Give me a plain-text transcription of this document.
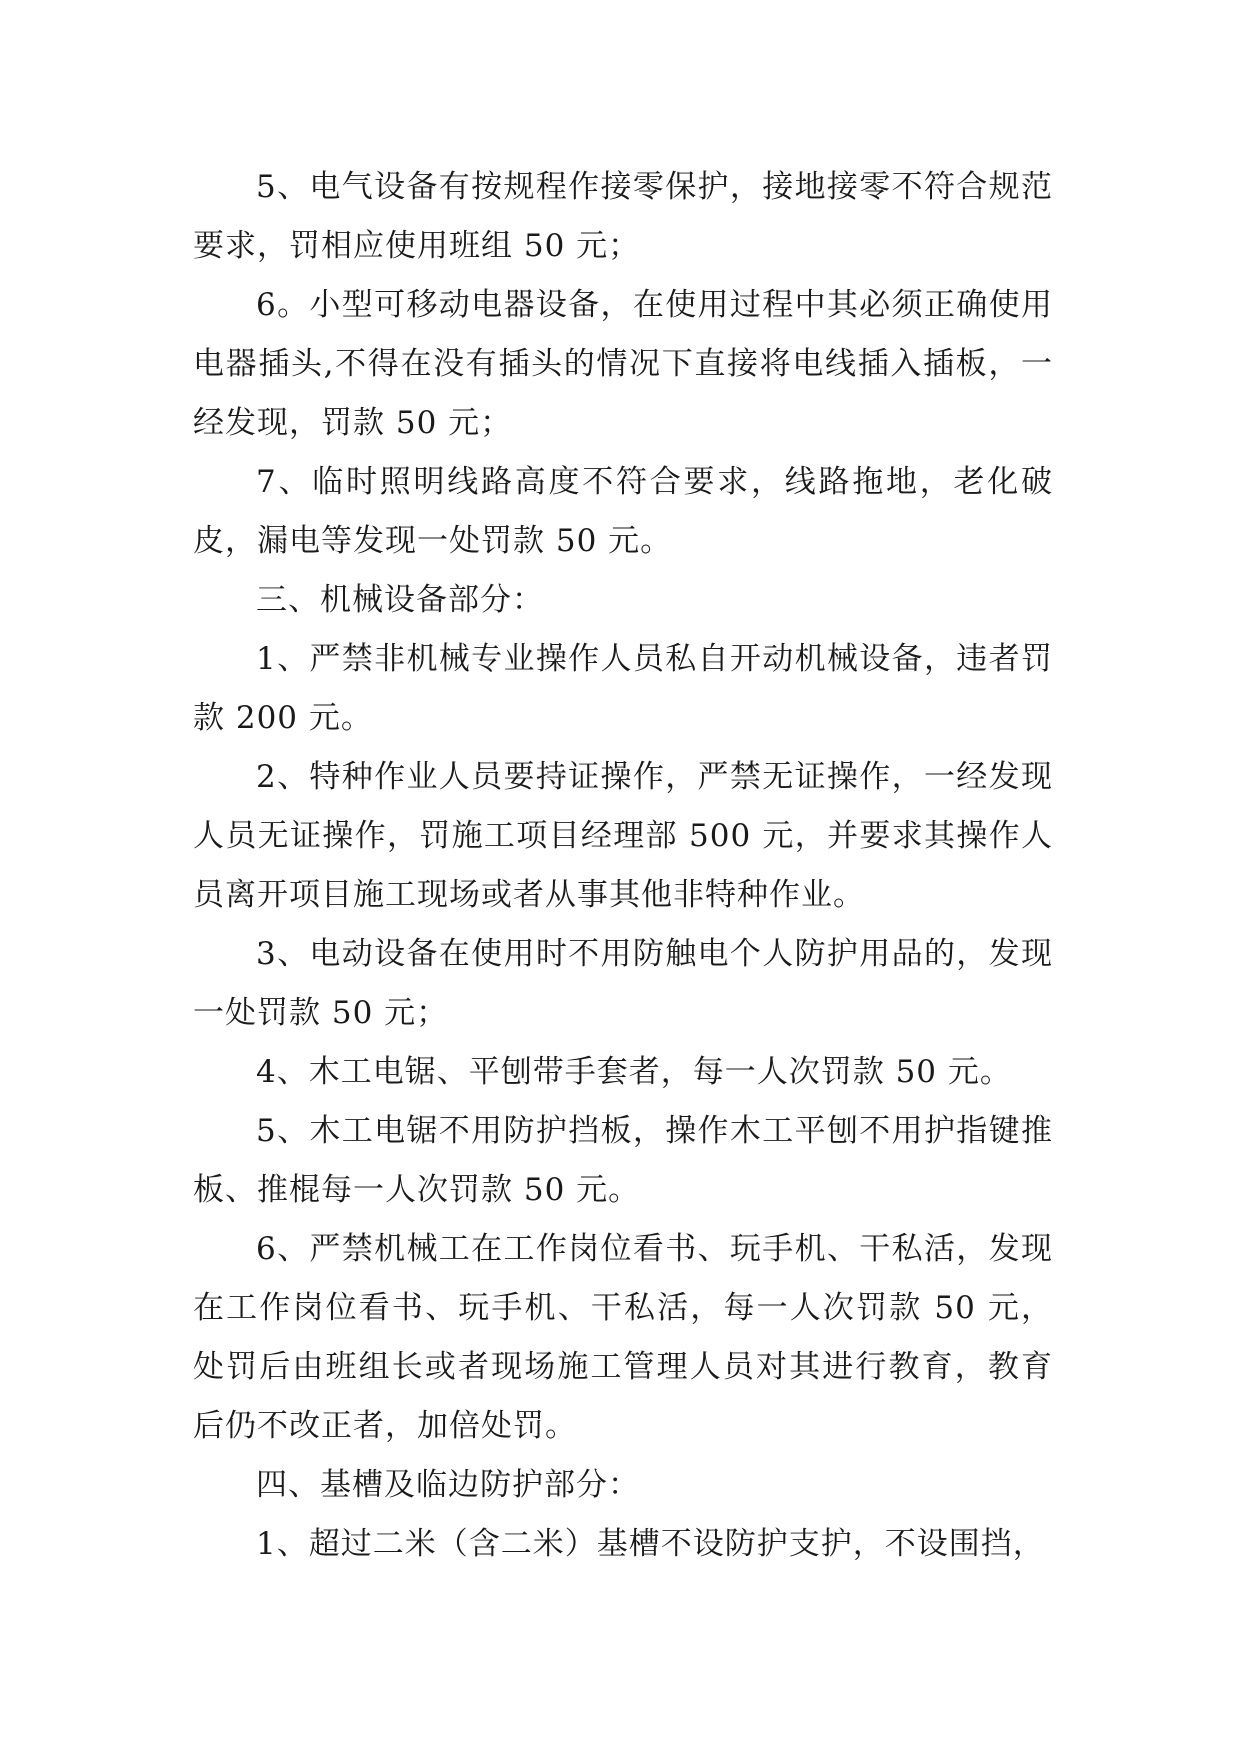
5、电气设备有按规程作接零保护，接地接零不符合规范要求，罚相应使用班组 50 元；

6。小型可移动电器设备，在使用过程中其必须正确使用电器插头,不得在没有插头的情况下直接将电线插入插板，一经发现，罚款 50 元；

7、临时照明线路高度不符合要求，线路拖地，老化破皮，漏电等发现一处罚款 50 元。

三、机械设备部分：

1、严禁非机械专业操作人员私自开动机械设备，违者罚款 200 元。

2、特种作业人员要持证操作，严禁无证操作，一经发现人员无证操作，罚施工项目经理部 500 元，并要求其操作人员离开项目施工现场或者从事其他非特种作业。

3、电动设备在使用时不用防触电个人防护用品的，发现一处罚款 50 元；

4、木工电锯、平刨带手套者，每一人次罚款 50 元。

5、木工电锯不用防护挡板，操作木工平刨不用护指键推板、推棍每一人次罚款 50 元。

6、严禁机械工在工作岗位看书、玩手机、干私活，发现在工作岗位看书、玩手机、干私活，每一人次罚款 50 元，处罚后由班组长或者现场施工管理人员对其进行教育，教育后仍不改正者，加倍处罚。

四、基槽及临边防护部分：

1、超过二米（含二米）基槽不设防护支护，不设围挡，
